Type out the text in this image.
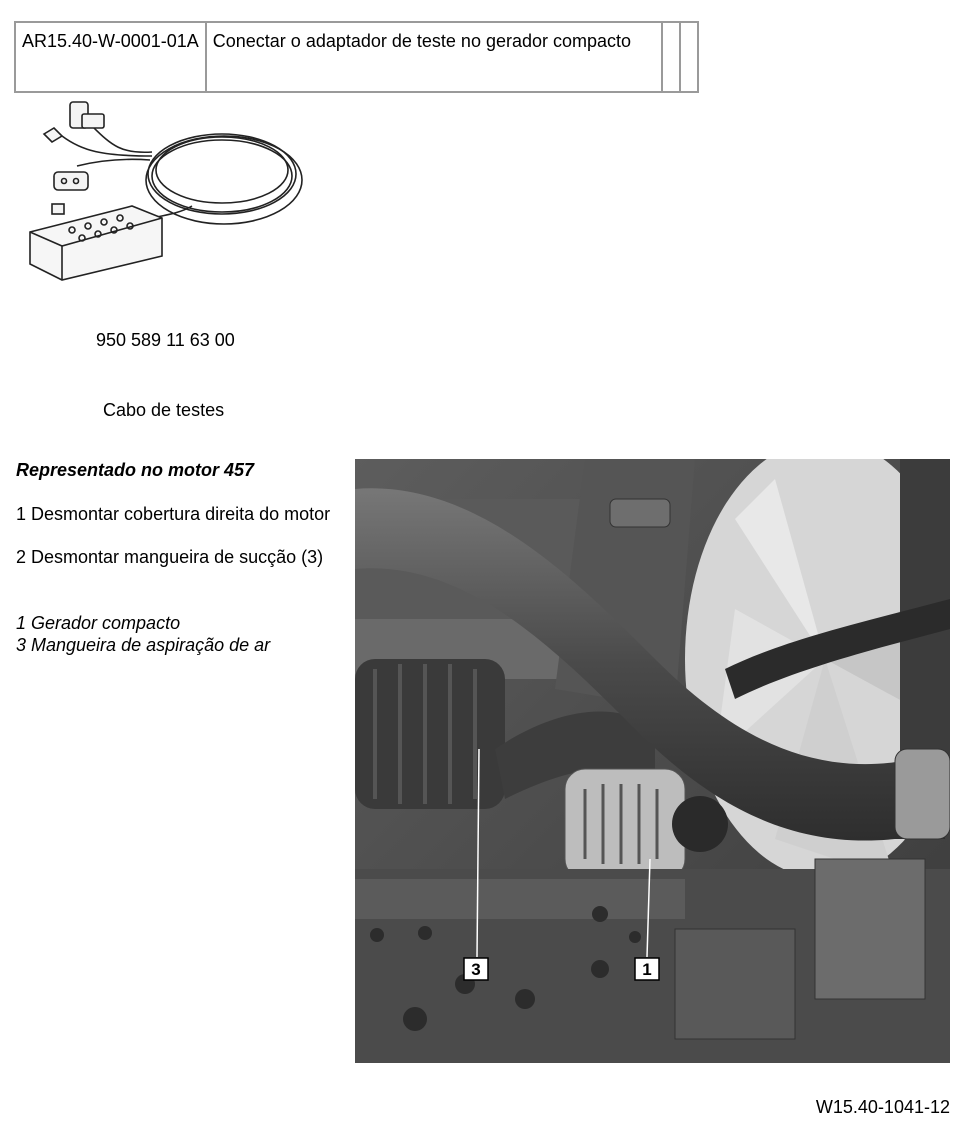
AR15.40-W-0001-01A	Conectar o adaptador de teste no gerador compacto		
950 589 11 63 00
Cabo de testes
Representado no motor 457
1 Desmontar cobertura direita do motor
2 Desmontar mangueira de sucção (3)
1 Gerador compacto
3 Mangueira de aspiração de ar
3	1
W15.40-1041-12
